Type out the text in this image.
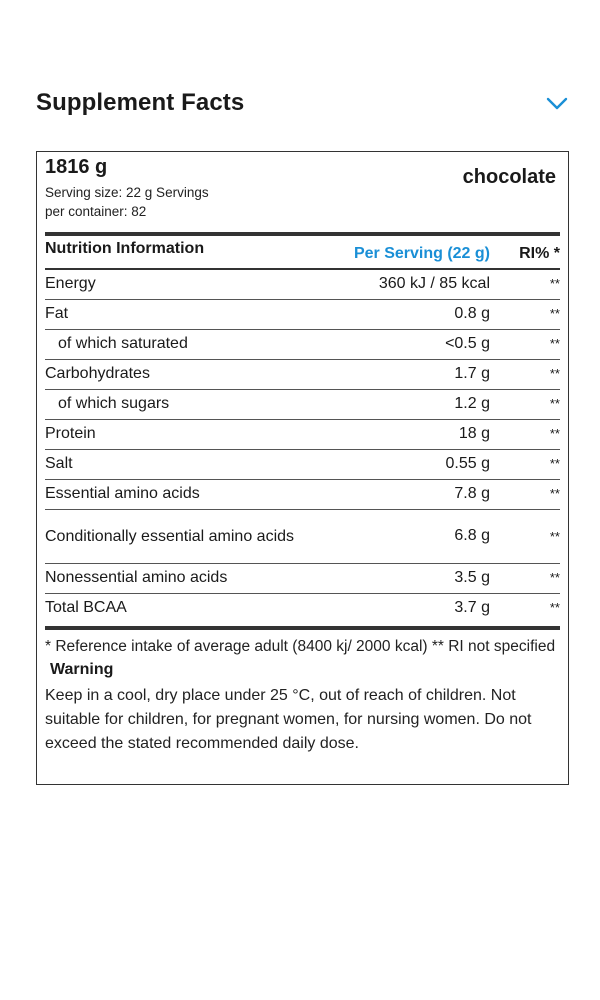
Supplement Facts
1816 g
Serving size: 22 g Servings
per container: 82
chocolate
Nutrition Information	Per Serving (22 g)	RI% *
Energy	360 kJ / 85 kcal	**
Fat	0.8 g	**
of which saturated	<0.5 g	**
Carbohydrates	1.7 g	**
of which sugars	1.2 g	**
Protein	18 g	**
Salt	0.55 g	**
Essential amino acids	7.8 g	**
Conditionally essential amino acids	6.8 g	**
Nonessential amino acids	3.5 g	**
Total BCAA	3.7 g	**
* Reference intake of average adult (8400 kj/ 2000 kcal) ** RI not specified
Warning
Keep in a cool, dry place under 25 °C, out of reach of children. Not suitable for children, for pregnant women, for nursing women. Do not exceed the stated recommended daily dose.
